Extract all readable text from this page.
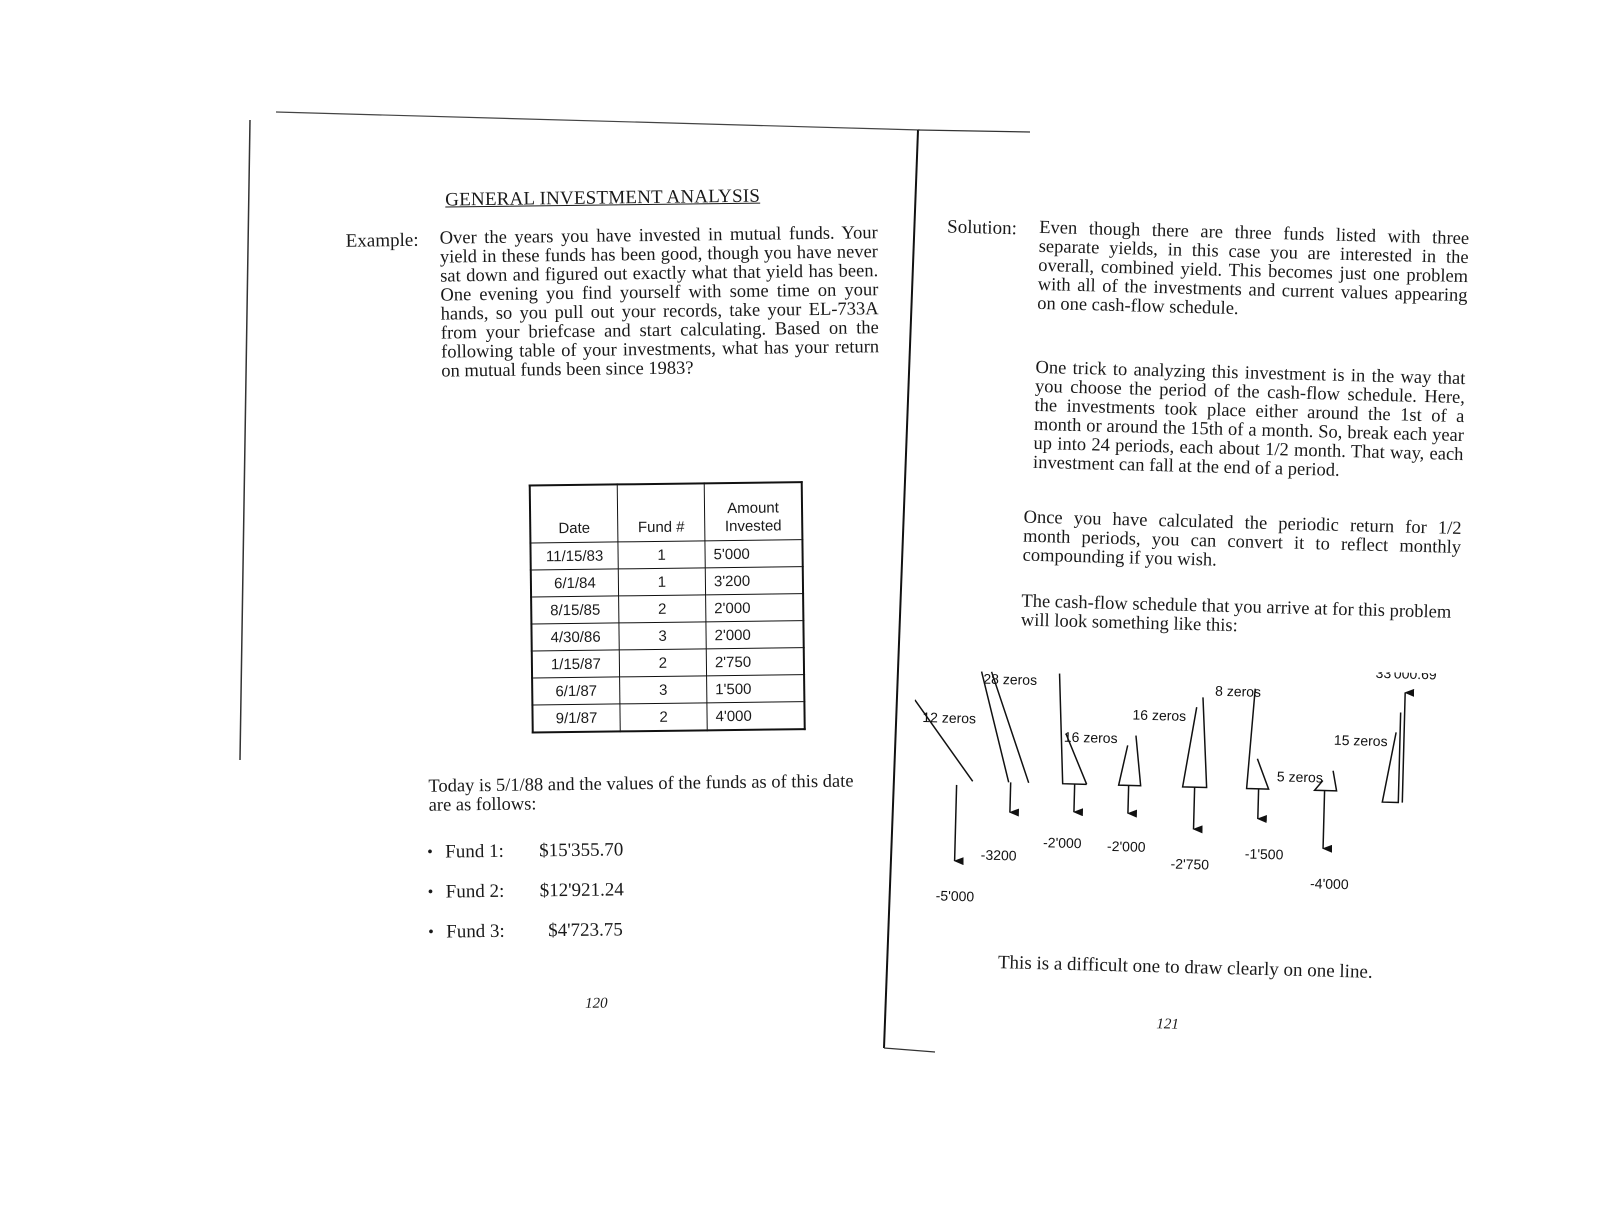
GENERAL INVESTMENT ANALYSIS
Example: Over the years you have invested in mutual funds. Your yield in these funds has been good, though you have never sat down and figured out exactly what that yield has been. One evening you find yourself with some time on your hands, so you pull out your records, take your EL-733A from your briefcase and start calculating. Based on the following table of your investments, what has your return on mutual funds been since 1983?
Date	Fund #	Amount Invested
11/15/83	1	5'000
6/1/84	1	3'200
8/15/85	2	2'000
4/30/86	3	2'000
1/15/87	2	2'750
6/1/87	3	1'500
9/1/87	2	4'000
Today is 5/1/88 and the values of the funds as of this date are as follows:
• Fund 1:	$15'355.70
• Fund 2:	$12'921.24
• Fund 3:	$4'723.75
120
Solution: Even though there are three funds listed with three separate yields, in this case you are interested in the overall, combined yield. This becomes just one problem with all of the investments and current values appearing on one cash-flow schedule.
One trick to analyzing this investment is in the way that you choose the period of the cash-flow schedule. Here, the investments took place either around the 1st of a month or around the 15th of a month. So, break each year up into 24 periods, each about 1/2 month. That way, each investment can fall at the end of a period.
Once you have calculated the periodic return for 1/2 month periods, you can convert it to reflect monthly compounding if you wish.
The cash-flow schedule that you arrive at for this problem will look something like this:
12 zeros
28 zeros
16 zeros
16 zeros
8 zeros
5 zeros
15 zeros
-5'000
-3200
-2'000 -2'000
-2'750
-1'500
-4'000
33'000.69
This is a difficult one to draw clearly on one line.
121
